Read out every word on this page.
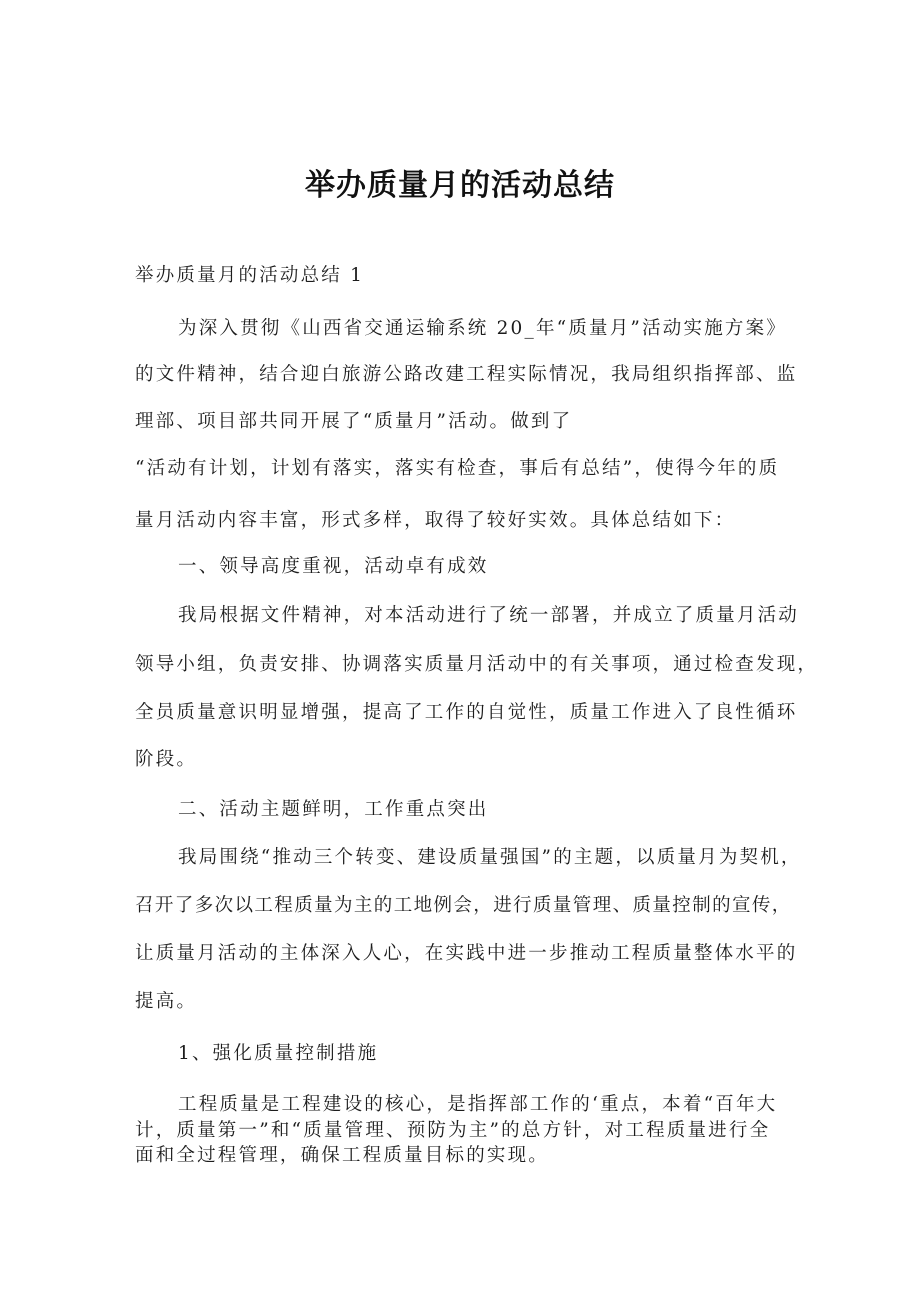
举办质量月的活动总结
举办质量月的活动总结 1
为深入贯彻《山西省交通运输系统 20_年“质量月”活动实施方案》
的文件精神，结合迎白旅游公路改建工程实际情况，我局组织指挥部、监
理部、项目部共同开展了“质量月”活动。做到了
“活动有计划，计划有落实，落实有检查，事后有总结”，使得今年的质
量月活动内容丰富，形式多样，取得了较好实效。具体总结如下：
一、领导高度重视，活动卓有成效
我局根据文件精神，对本活动进行了统一部署，并成立了质量月活动
领导小组，负责安排、协调落实质量月活动中的有关事项，通过检查发现，
全员质量意识明显增强，提高了工作的自觉性，质量工作进入了良性循环
阶段。
二、活动主题鲜明，工作重点突出
我局围绕“推动三个转变、建设质量强国”的主题，以质量月为契机，
召开了多次以工程质量为主的工地例会，进行质量管理、质量控制的宣传，
让质量月活动的主体深入人心，在实践中进一步推动工程质量整体水平的
提高。
1、强化质量控制措施
工程质量是工程建设的核心，是指挥部工作的‘重点，本着“百年大
计，质量第一”和“质量管理、预防为主”的总方针，对工程质量进行全
面和全过程管理，确保工程质量目标的实现。
